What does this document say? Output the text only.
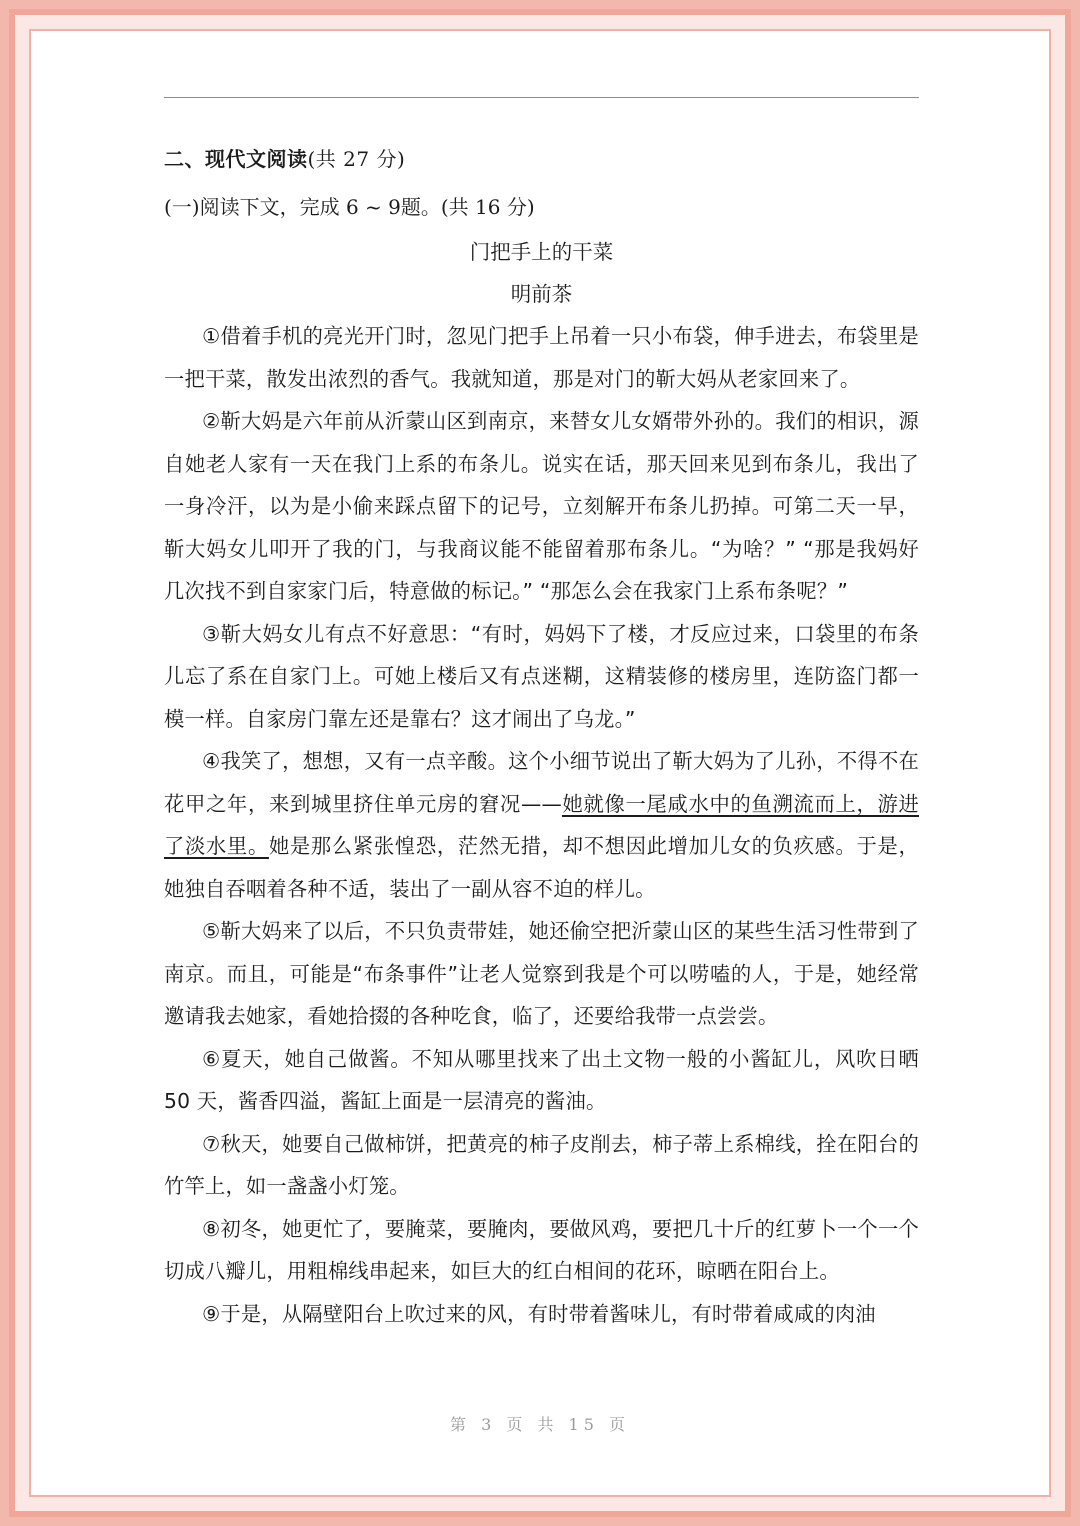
二、现代文阅读(共 27 分)

(一)阅读下文，完成 6 ~ 9题。(共 16 分)

门把手上的干菜

明前茶

①借着手机的亮光开门时，忽见门把手上吊着一只小布袋，伸手进去，布袋里是一把干菜，散发出浓烈的香气。我就知道，那是对门的靳大妈从老家回来了。

②靳大妈是六年前从沂蒙山区到南京，来替女儿女婿带外孙的。我们的相识，源自她老人家有一天在我门上系的布条儿。说实在话，那天回来见到布条儿，我出了一身冷汗，以为是小偷来踩点留下的记号，立刻解开布条儿扔掉。可第二天一早，靳大妈女儿叩开了我的门，与我商议能不能留着那布条儿。“为啥？” “那是我妈好几次找不到自家家门后，特意做的标记。” “那怎么会在我家门上系布条呢？”

③靳大妈女儿有点不好意思：“有时，妈妈下了楼，才反应过来，口袋里的布条儿忘了系在自家门上。可她上楼后又有点迷糊，这精装修的楼房里，连防盗门都一模一样。自家房门靠左还是靠右？这才闹出了乌龙。”

④我笑了，想想，又有一点辛酸。这个小细节说出了靳大妈为了儿孙，不得不在花甲之年，来到城里挤住单元房的窘况——她就像一尾咸水中的鱼溯流而上，游进了淡水里。她是那么紧张惶恐，茫然无措，却不想因此增加儿女的负疚感。于是，她独自吞咽着各种不适，装出了一副从容不迫的样儿。

⑤靳大妈来了以后，不只负责带娃，她还偷空把沂蒙山区的某些生活习性带到了南京。而且，可能是“布条事件”让老人觉察到我是个可以唠嗑的人，于是，她经常邀请我去她家，看她拾掇的各种吃食，临了，还要给我带一点尝尝。

⑥夏天，她自己做酱。不知从哪里找来了出土文物一般的小酱缸儿，风吹日晒 50 天，酱香四溢，酱缸上面是一层清亮的酱油。

⑦秋天，她要自己做柿饼，把黄亮的柿子皮削去，柿子蒂上系棉线，拴在阳台的竹竿上，如一盏盏小灯笼。

⑧初冬，她更忙了，要腌菜，要腌肉，要做风鸡，要把几十斤的红萝卜一个一个切成八瓣儿，用粗棉线串起来，如巨大的红白相间的花环，晾晒在阳台上。

⑨于是，从隔壁阳台上吹过来的风，有时带着酱味儿，有时带着咸咸的肉油

第 3 页 共 15 页
